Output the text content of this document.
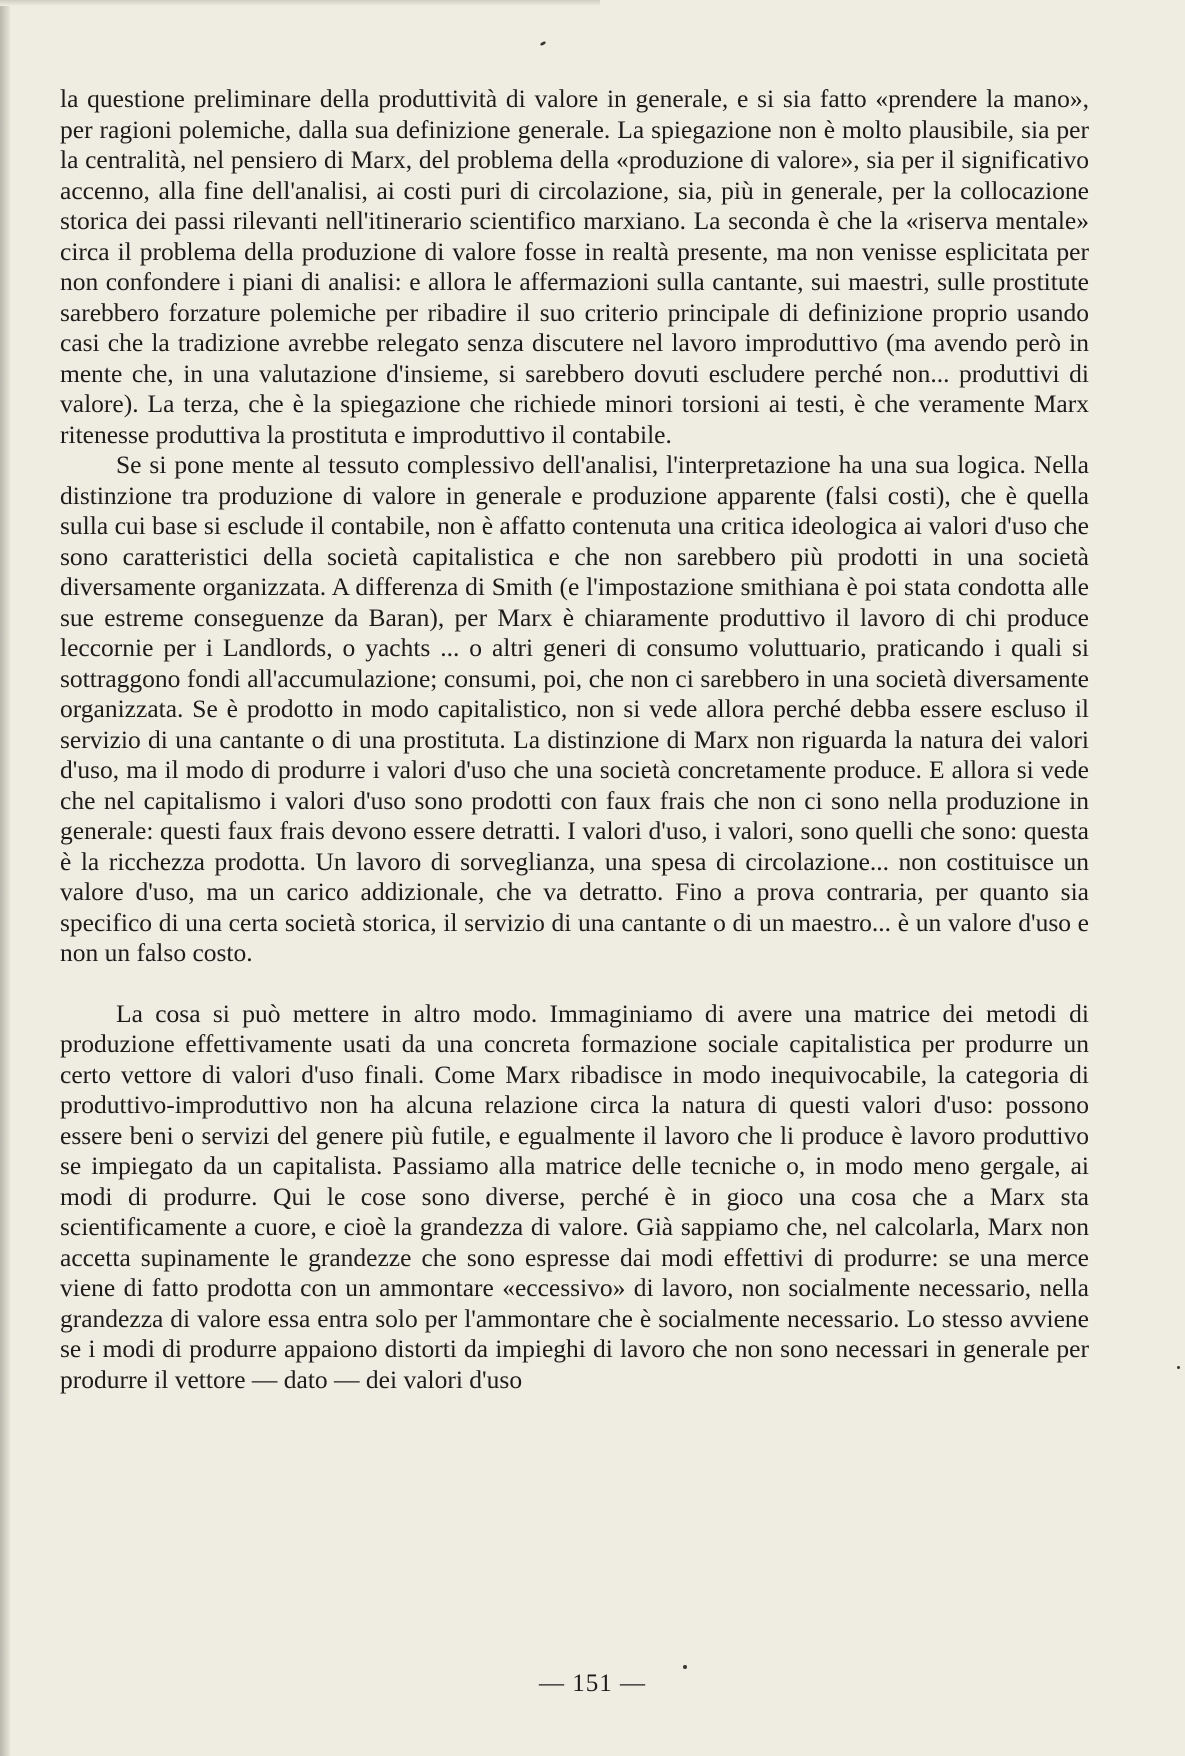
la questione preliminare della produttività di valore in generale, e si sia fatto «prendere la mano», per ragioni polemiche, dalla sua definizione generale. La spiegazione non è molto plausibile, sia per la centralità, nel pensiero di Marx, del problema della «produzione di valore», sia per il significativo accenno, alla fine dell'analisi, ai costi puri di circolazione, sia, più in generale, per la collocazione storica dei passi rilevanti nell'itinerario scientifico marxiano. La seconda è che la «riserva mentale» circa il problema della produzione di valore fosse in realtà presente, ma non venisse esplicitata per non confondere i piani di analisi: e allora le affermazioni sulla cantante, sui maestri, sulle prostitute sarebbero forzature polemiche per ribadire il suo criterio principale di definizione proprio usando casi che la tradizione avrebbe relegato senza discutere nel lavoro improduttivo (ma avendo però in mente che, in una valutazione d'insieme, si sarebbero dovuti escludere perché non... produttivi di valore). La terza, che è la spiegazione che richiede minori torsioni ai testi, è che veramente Marx ritenesse produttiva la prostituta e improduttivo il contabile.

Se si pone mente al tessuto complessivo dell'analisi, l'interpretazione ha una sua logica. Nella distinzione tra produzione di valore in generale e produzione apparente (falsi costi), che è quella sulla cui base si esclude il contabile, non è affatto contenuta una critica ideologica ai valori d'uso che sono caratteristici della società capitalistica e che non sarebbero più prodotti in una società diversamente organizzata. A differenza di Smith (e l'impostazione smithiana è poi stata condotta alle sue estreme conseguenze da Baran), per Marx è chiaramente produttivo il lavoro di chi produce leccornie per i Landlords, o yachts ... o altri generi di consumo voluttuario, praticando i quali si sottraggono fondi all'accumulazione; consumi, poi, che non ci sarebbero in una società diversamente organizzata. Se è prodotto in modo capitalistico, non si vede allora perché debba essere escluso il servizio di una cantante o di una prostituta. La distinzione di Marx non riguarda la natura dei valori d'uso, ma il modo di produrre i valori d'uso che una società concretamente produce. E allora si vede che nel capitalismo i valori d'uso sono prodotti con faux frais che non ci sono nella produzione in generale: questi faux frais devono essere detratti. I valori d'uso, i valori, sono quelli che sono: questa è la ricchezza prodotta. Un lavoro di sorveglianza, una spesa di circolazione... non costituisce un valore d'uso, ma un carico addizionale, che va detratto. Fino a prova contraria, per quanto sia specifico di una certa società storica, il servizio di una cantante o di un maestro... è un valore d'uso e non un falso costo.

La cosa si può mettere in altro modo. Immaginiamo di avere una matrice dei metodi di produzione effettivamente usati da una concreta formazione sociale capitalistica per produrre un certo vettore di valori d'uso finali. Come Marx ribadisce in modo inequivocabile, la categoria di produttivo-improduttivo non ha alcuna relazione circa la natura di questi valori d'uso: possono essere beni o servizi del genere più futile, e egualmente il lavoro che li produce è lavoro produttivo se impiegato da un capitalista. Passiamo alla matrice delle tecniche o, in modo meno gergale, ai modi di produrre. Qui le cose sono diverse, perché è in gioco una cosa che a Marx sta scientificamente a cuore, e cioè la grandezza di valore. Già sappiamo che, nel calcolarla, Marx non accetta supinamente le grandezze che sono espresse dai modi effettivi di produrre: se una merce viene di fatto prodotta con un ammontare «eccessivo» di lavoro, non socialmente necessario, nella grandezza di valore essa entra solo per l'ammontare che è socialmente necessario. Lo stesso avviene se i modi di produrre appaiono distorti da impieghi di lavoro che non sono necessari in generale per produrre il vettore — dato — dei valori d'uso

— 151 —
